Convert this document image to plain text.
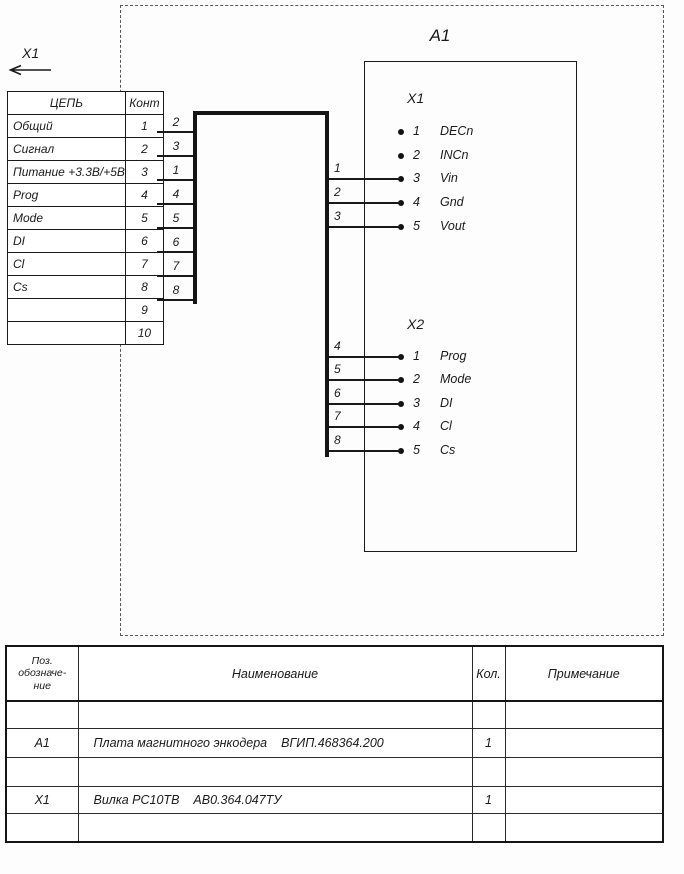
X1
ЦЕПЬ	Конт
Общий	1
Сигнал	2
Питание +3.3В/+5В	3
Prog	4
Mode	5
DI	6
Cl	7
Cs	8
	9
	10
2
3
1
4
5
6
7
8
A1
X1
1
2
3
4
5
DECn
INCn
Vin
Gnd
Vout
1
2
3
X2
1
2
3
4
5
Prog
Mode
DI
Cl
Cs
4
5
6
7
8
Поз.
обозначе-
ние	Наименование	Кол.	Примечание

A1	Плата магнитного энкодера ВГИП.468364.200	1	

X1	Вилка РС10ТВ АВ0.364.047ТУ	1	
